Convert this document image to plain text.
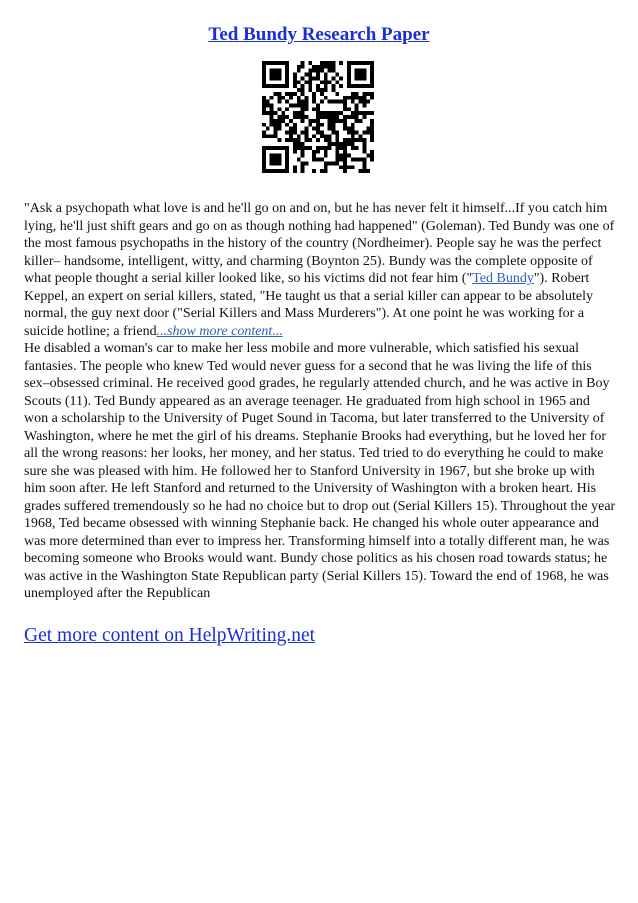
Ted Bundy Research Paper

"Ask a psychopath what love is and he'll go on and on, but he has never felt it himself...If you catch him lying, he'll just shift gears and go on as though nothing had happened" (Goleman). Ted Bundy was one of the most famous psychopaths in the history of the country (Nordheimer). People say he was the perfect killer– handsome, intelligent, witty, and charming (Boynton 25). Bundy was the complete opposite of what people thought a serial killer looked like, so his victims did not fear him ("Ted Bundy"). Robert Keppel, an expert on serial killers, stated, "He taught us that a serial killer can appear to be absolutely normal, the guy next door ("Serial Killers and Mass Murderers"). At one point he was working for a suicide hotline; a friend...show more content...

He disabled a woman's car to make her less mobile and more vulnerable, which satisfied his sexual fantasies. The people who knew Ted would never guess for a second that he was living the life of this sex–obsessed criminal. He received good grades, he regularly attended church, and he was active in Boy Scouts (11). Ted Bundy appeared as an average teenager. He graduated from high school in 1965 and won a scholarship to the University of Puget Sound in Tacoma, but later transferred to the University of Washington, where he met the girl of his dreams. Stephanie Brooks had everything, but he loved her for all the wrong reasons: her looks, her money, and her status. Ted tried to do everything he could to make sure she was pleased with him. He followed her to Stanford University in 1967, but she broke up with him soon after. He left Stanford and returned to the University of Washington with a broken heart. His grades suffered tremendously so he had no choice but to drop out (Serial Killers 15). Throughout the year 1968, Ted became obsessed with winning Stephanie back. He changed his whole outer appearance and was more determined than ever to impress her. Transforming himself into a totally different man, he was becoming someone who Brooks would want. Bundy chose politics as his chosen road towards status; he was active in the Washington State Republican party (Serial Killers 15). Toward the end of 1968, he was unemployed after the Republican

Get more content on HelpWriting.net
